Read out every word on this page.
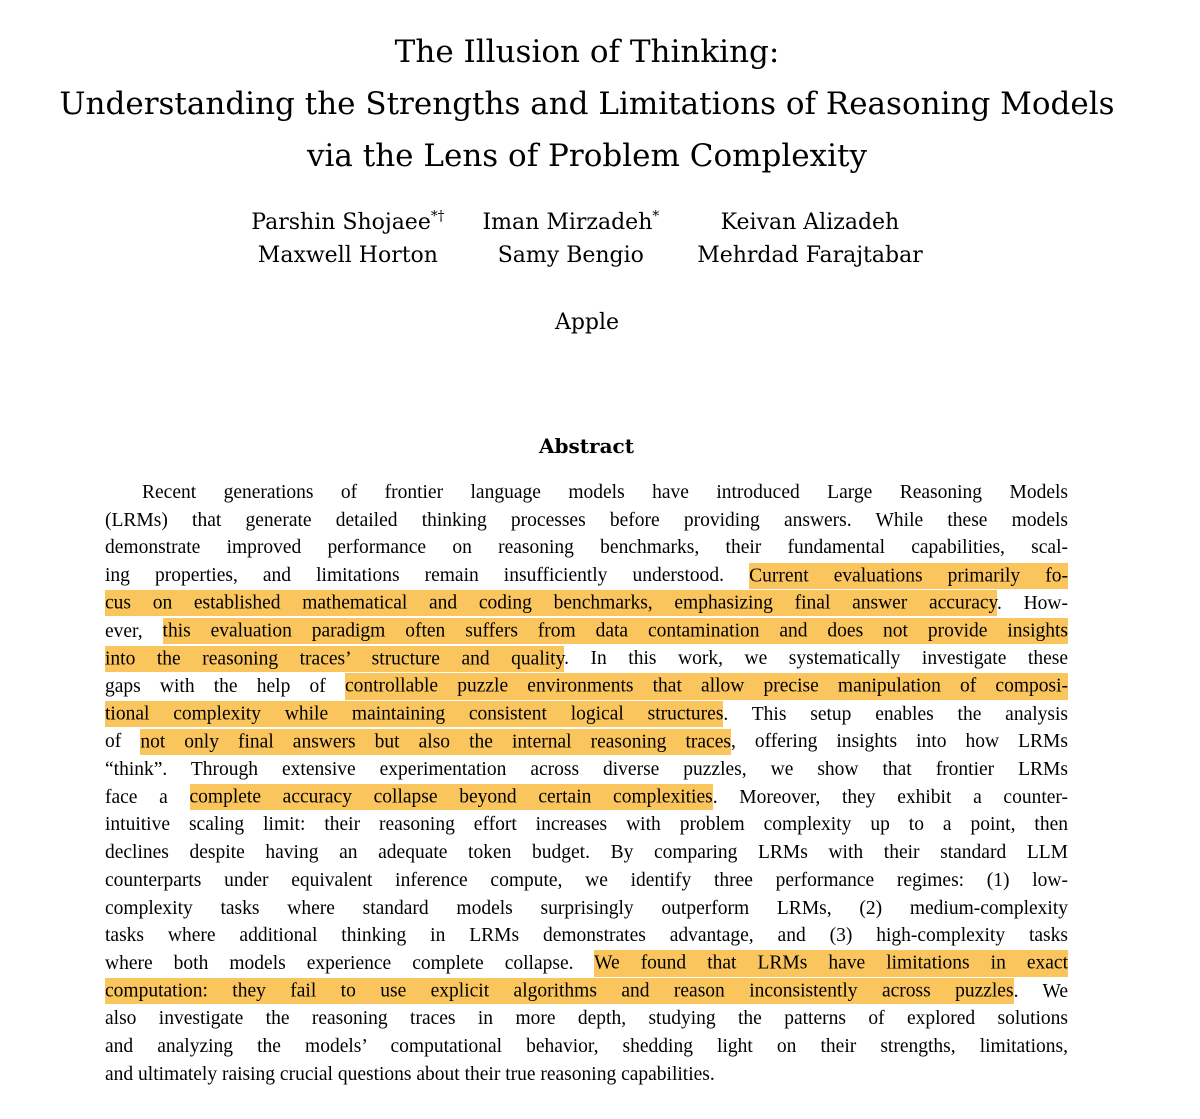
The Illusion of Thinking:
Understanding the Strengths and Limitations of Reasoning Models
via the Lens of Problem Complexity
Parshin Shojaee*† Iman Mirzadeh*	Keivan Alizadeh
Maxwell Horton	Samy Bengio	Mehrdad Farajtabar
Apple
Abstract
Recent generations of frontier language models have introduced Large Reasoning Models
(LRMs) that generate detailed thinking processes before providing answers. While these models
demonstrate improved performance on reasoning benchmarks, their fundamental capabilities, scal-
ing properties, and limitations remain insufficiently understood. Current evaluations primarily fo-
cus on established mathematical and coding benchmarks, emphasizing final answer accuracy. How-
ever, this evaluation paradigm often suffers from data contamination and does not provide insights
into the reasoning traces’ structure and quality. In this work, we systematically investigate these
gaps with the help of controllable puzzle environments that allow precise manipulation of composi-
tional complexity while maintaining consistent logical structures. This setup enables the analysis
of not only final answers but also the internal reasoning traces, offering insights into how LRMs
“think”. Through extensive experimentation across diverse puzzles, we show that frontier LRMs
face a complete accuracy collapse beyond certain complexities. Moreover, they exhibit a counter-
intuitive scaling limit: their reasoning effort increases with problem complexity up to a point, then
declines despite having an adequate token budget. By comparing LRMs with their standard LLM
counterparts under equivalent inference compute, we identify three performance regimes: (1) low-
complexity tasks where standard models surprisingly outperform LRMs, (2) medium-complexity
tasks where additional thinking in LRMs demonstrates advantage, and (3) high-complexity tasks
where both models experience complete collapse. We found that LRMs have limitations in exact
computation: they fail to use explicit algorithms and reason inconsistently across puzzles. We
also investigate the reasoning traces in more depth, studying the patterns of explored solutions
and analyzing the models’ computational behavior, shedding light on their strengths, limitations,
and ultimately raising crucial questions about their true reasoning capabilities.
